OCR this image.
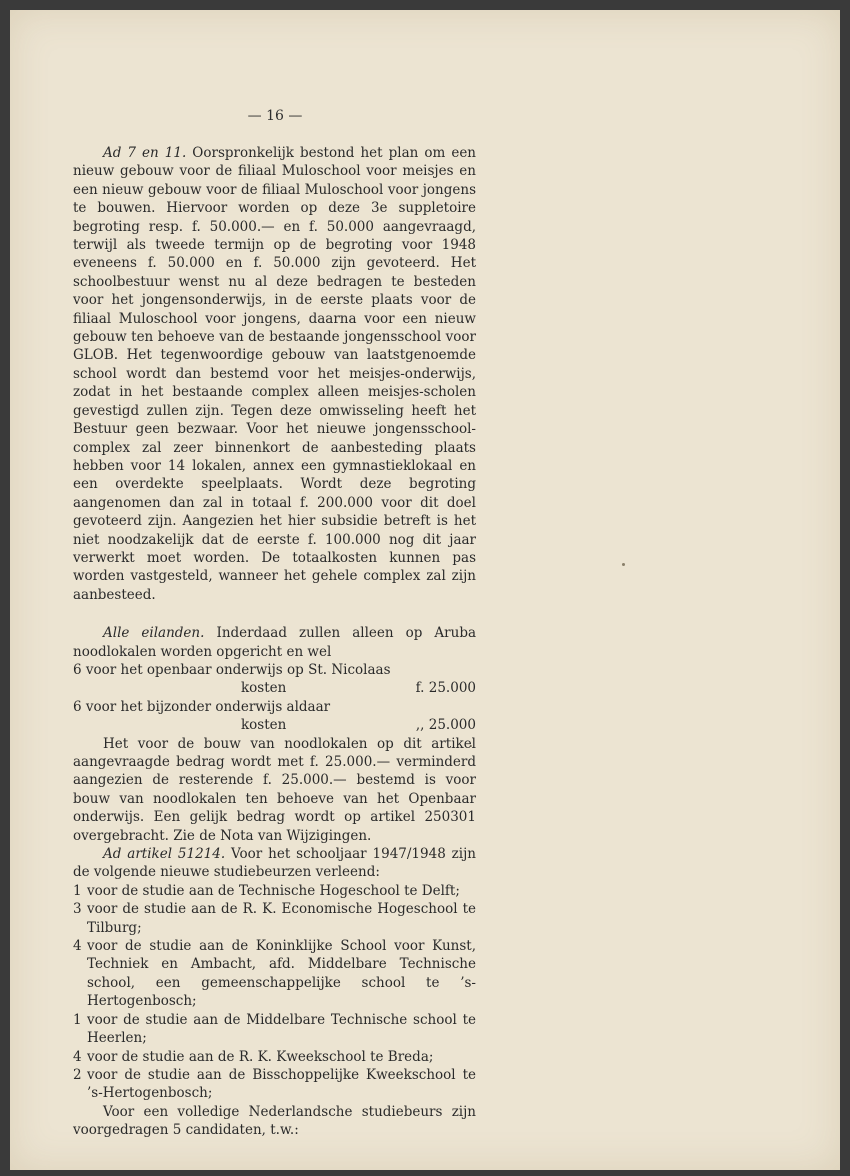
— 16 —

Ad 7 en 11. Oorspronkelijk bestond het plan om een nieuw gebouw voor de filiaal Muloschool voor meisjes en een nieuw gebouw voor de filiaal Muloschool voor jongens te bouwen. Hiervoor worden op deze 3e suppletoire begroting resp. f. 50.000.— en f. 50.000 aangevraagd, terwijl als tweede termijn op de begroting voor 1948 eveneens f. 50.000 en f. 50.000 zijn gevoteerd. Het schoolbestuur wenst nu al deze bedragen te besteden voor het jongensonderwijs, in de eerste plaats voor de filiaal Muloschool voor jongens, daarna voor een nieuw gebouw ten behoeve van de bestaande jongensschool voor GLOB. Het tegenwoordige gebouw van laatstgenoemde school wordt dan bestemd voor het meisjes-onderwijs, zodat in het bestaande complex alleen meisjes-scholen gevestigd zullen zijn. Tegen deze omwisseling heeft het Bestuur geen bezwaar. Voor het nieuwe jongensschool-complex zal zeer binnenkort de aanbesteding plaats hebben voor 14 lokalen, annex een gymnastieklokaal en een overdekte speelplaats. Wordt deze begroting aangenomen dan zal in totaal f. 200.000 voor dit doel gevoteerd zijn. Aangezien het hier subsidie betreft is het niet noodzakelijk dat de eerste f. 100.000 nog dit jaar verwerkt moet worden. De totaalkosten kunnen pas worden vastgesteld, wanneer het gehele complex zal zijn aanbesteed.

Alle eilanden. Inderdaad zullen alleen op Aruba noodlokalen worden opgericht en wel

6 voor het openbaar onderwijs op St. Nicolaas

kosten	f. 25.000

6 voor het bijzonder onderwijs aldaar

kosten	,, 25.000

Het voor de bouw van noodlokalen op dit artikel aangevraagde bedrag wordt met f. 25.000.— verminderd aangezien de resterende f. 25.000.— bestemd is voor bouw van noodlokalen ten behoeve van het Openbaar onderwijs. Een gelijk bedrag wordt op artikel 250301 overgebracht. Zie de Nota van Wijzigingen.

Ad artikel 51214. Voor het schooljaar 1947/1948 zijn de volgende nieuwe studiebeurzen verleend:

1 voor de studie aan de Technische Hogeschool te Delft;
3 voor de studie aan de R. K. Economische Hogeschool te Tilburg;
4 voor de studie aan de Koninklijke School voor Kunst, Techniek en Ambacht, afd. Middelbare Technische school, een gemeenschappelijke school te ’s-Hertogenbosch;
1 voor de studie aan de Middelbare Technische school te Heerlen;
4 voor de studie aan de R. K. Kweekschool te Breda;
2 voor de studie aan de Bisschoppelijke Kweekschool te ’s-Hertogenbosch;

Voor een volledige Nederlandsche studiebeurs zijn voorgedragen 5 candidaten, t.w.:
